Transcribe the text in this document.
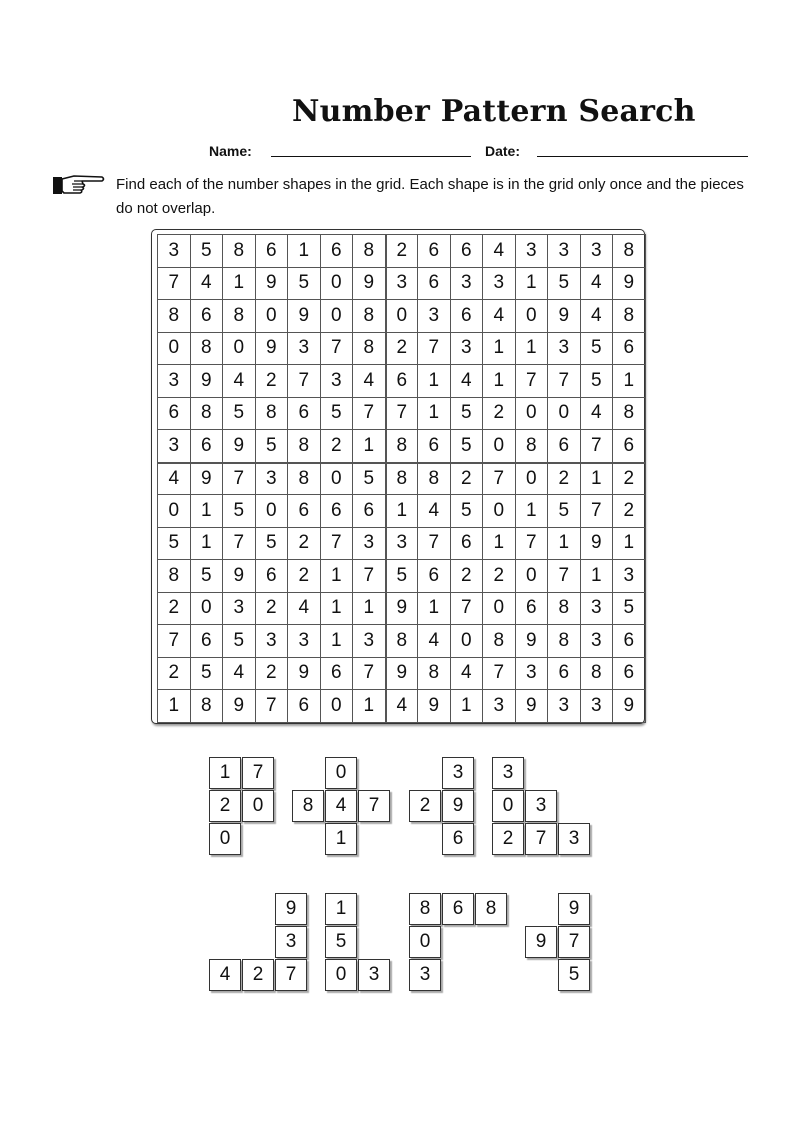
Number Pattern Search
Name:	Date:
Find each of the number shapes in the grid. Each shape is in the grid only once and the pieces do not overlap.
3	5	8	6	1	6	8	2	6	6	4	3	3	3	8
7	4	1	9	5	0	9	3	6	3	3	1	5	4	9
8	6	8	0	9	0	8	0	3	6	4	0	9	4	8
0	8	0	9	3	7	8	2	7	3	1	1	3	5	6
3	9	4	2	7	3	4	6	1	4	1	7	7	5	1
6	8	5	8	6	5	7	7	1	5	2	0	0	4	8
3	6	9	5	8	2	1	8	6	5	0	8	6	7	6
4	9	7	3	8	0	5	8	8	2	7	0	2	1	2
0	1	5	0	6	6	6	1	4	5	0	1	5	7	2
5	1	7	5	2	7	3	3	7	6	1	7	1	9	1
8	5	9	6	2	1	7	5	6	2	2	0	7	1	3
2	0	3	2	4	1	1	9	1	7	0	6	8	3	5
7	6	5	3	3	1	3	8	4	0	8	9	8	3	6
2	5	4	2	9	6	7	9	8	4	7	3	6	8	6
1	8	9	7	6	0	1	4	9	1	3	9	3	3	9
1	7
2	0
0
0
8	4	7
1
3
2	9
6
3
0	3
2	7	3
9
3
4	2	7
1
5
0	3
8	6	8
0
3
9
9	7
5
